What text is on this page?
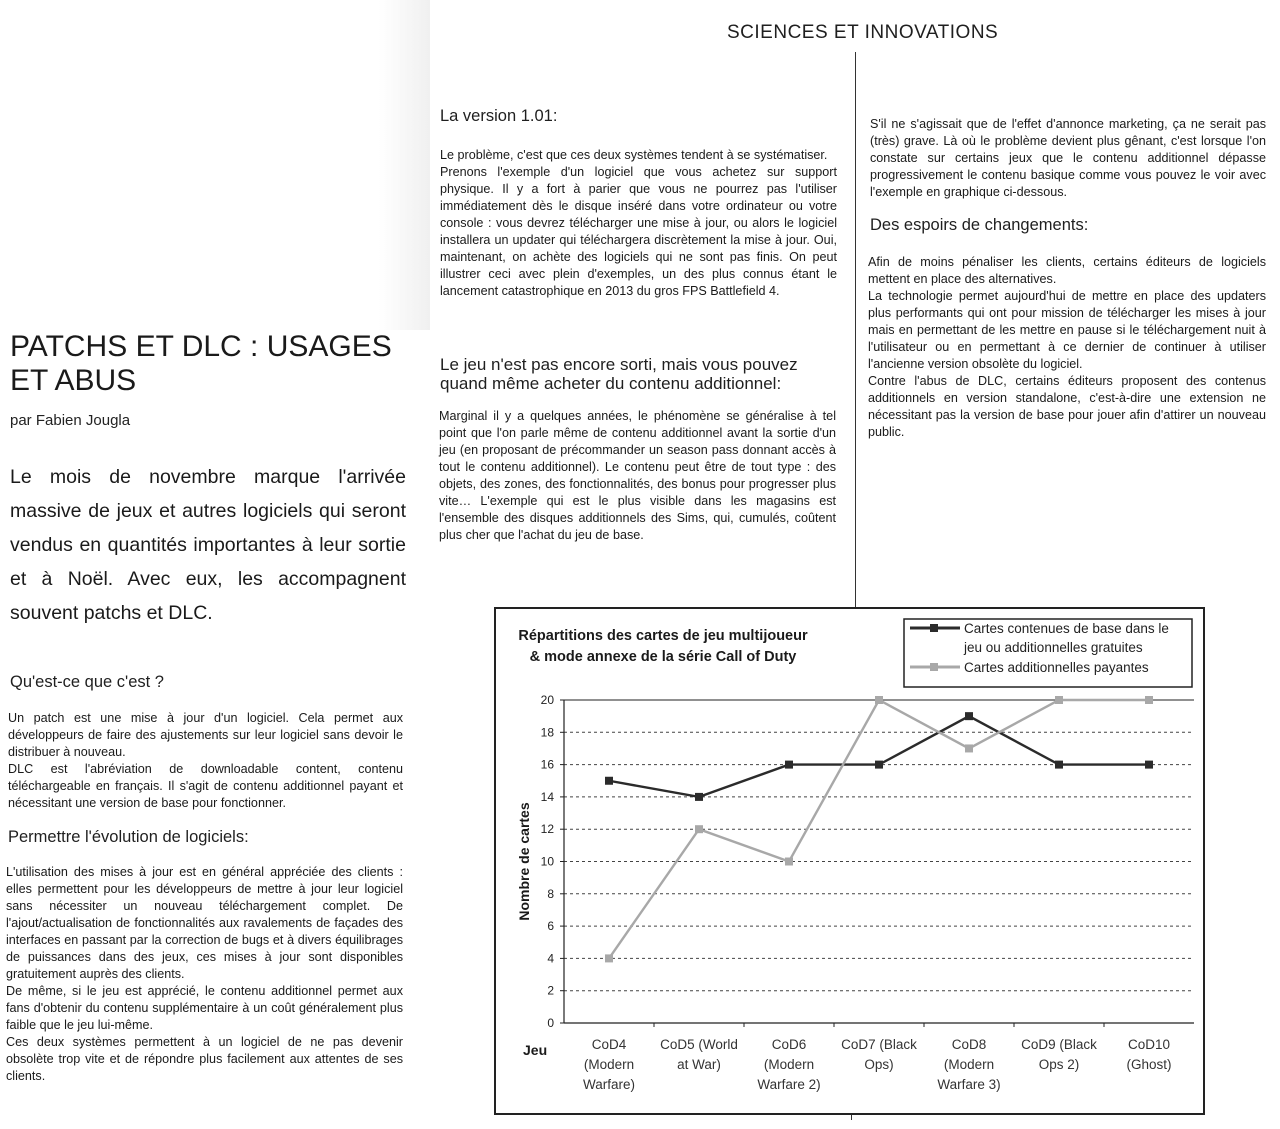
SCIENCES ET INNOVATIONS
PATCHS ET DLC : USAGES ET ABUS
par Fabien Jougla
Le mois de novembre marque l'arrivée massive de jeux et autres logiciels qui seront vendus en quantités importantes à leur sortie et à Noël. Avec eux, les accompagnent souvent patchs et DLC.
Qu'est-ce que c'est ?

Un patch est une mise à jour d'un logiciel. Cela permet aux développeurs de faire des ajustements sur leur logiciel sans devoir le distribuer à nouveau.

DLC est l'abréviation de downloadable content, contenu téléchargeable en français. Il s'agit de contenu additionnel payant et nécessitant une version de base pour fonctionner.

Permettre l'évolution de logiciels:

L'utilisation des mises à jour est en général appréciée des clients : elles permettent pour les développeurs de mettre à jour leur logiciel sans nécessiter un nouveau téléchargement complet. De l'ajout/actualisation de fonctionnalités aux ravalements de façades des interfaces en passant par la correction de bugs et à divers équilibrages de puissances dans des jeux, ces mises à jour sont disponibles gratuitement auprès des clients.

De même, si le jeu est apprécié, le contenu additionnel permet aux fans d'obtenir du contenu supplémentaire à un coût généralement plus faible que le jeu lui-même.

Ces deux systèmes permettent à un logiciel de ne pas devenir obsolète trop vite et de répondre plus facilement aux attentes de ses clients.

La version 1.01:

Le problème, c'est que ces deux systèmes tendent à se systématiser.

Prenons l'exemple d'un logiciel que vous achetez sur support physique. Il y a fort à parier que vous ne pourrez pas l'utiliser immédiatement dès le disque inséré dans votre ordinateur ou votre console : vous devrez télécharger une mise à jour, ou alors le logiciel installera un updater qui téléchargera discrètement la mise à jour. Oui, maintenant, on achète des logiciels qui ne sont pas finis. On peut illustrer ceci avec plein d'exemples, un des plus connus étant le lancement catastrophique en 2013 du gros FPS Battlefield 4.

Le jeu n'est pas encore sorti, mais vous pouvez quand même acheter du contenu additionnel:

Marginal il y a quelques années, le phénomène se généralise à tel point que l'on parle même de contenu additionnel avant la sortie d'un jeu (en proposant de précommander un season pass donnant accès à tout le contenu additionnel). Le contenu peut être de tout type : des objets, des zones, des fonctionnalités, des bonus pour progresser plus vite… L'exemple qui est le plus visible dans les magasins est l'ensemble des disques additionnels des Sims, qui, cumulés, coûtent plus cher que l'achat du jeu de base.

S'il ne s'agissait que de l'effet d'annonce marketing, ça ne serait pas (très) grave. Là où le problème devient plus gênant, c'est lorsque l'on constate sur certains jeux que le contenu additionnel dépasse progressivement le contenu basique comme vous pouvez le voir avec l'exemple en graphique ci-dessous.

Des espoirs de changements:

Afin de moins pénaliser les clients, certains éditeurs de logiciels mettent en place des alternatives.

La technologie permet aujourd'hui de mettre en place des updaters plus performants qui ont pour mission de télécharger les mises à jour mais en permettant de les mettre en pause si le téléchargement nuit à l'utilisateur ou en permettant à ce dernier de continuer à utiliser l'ancienne version obsolète du logiciel.

Contre l'abus de DLC, certains éditeurs proposent des contenus additionnels en version standalone, c'est-à-dire une extension ne nécessitant pas la version de base pour jouer afin d'attirer un nouveau public.

Répartitions des cartes de jeu multijoueur & mode annexe de la série Call of Duty
Cartes contenues de base dans le
jeu ou additionnelles gratuites
Cartes additionnelles payantes
0
2
4
6
8
10
12
14
16
18
20
Nombre de cartes
Jeu	CoD4
(Modern
Warfare)
CoD5 (World
at War)
CoD6
(Modern
Warfare 2)
CoD7 (Black
Ops)
CoD8
(Modern
Warfare 3)
CoD9 (Black
Ops 2)
CoD10
(Ghost)
